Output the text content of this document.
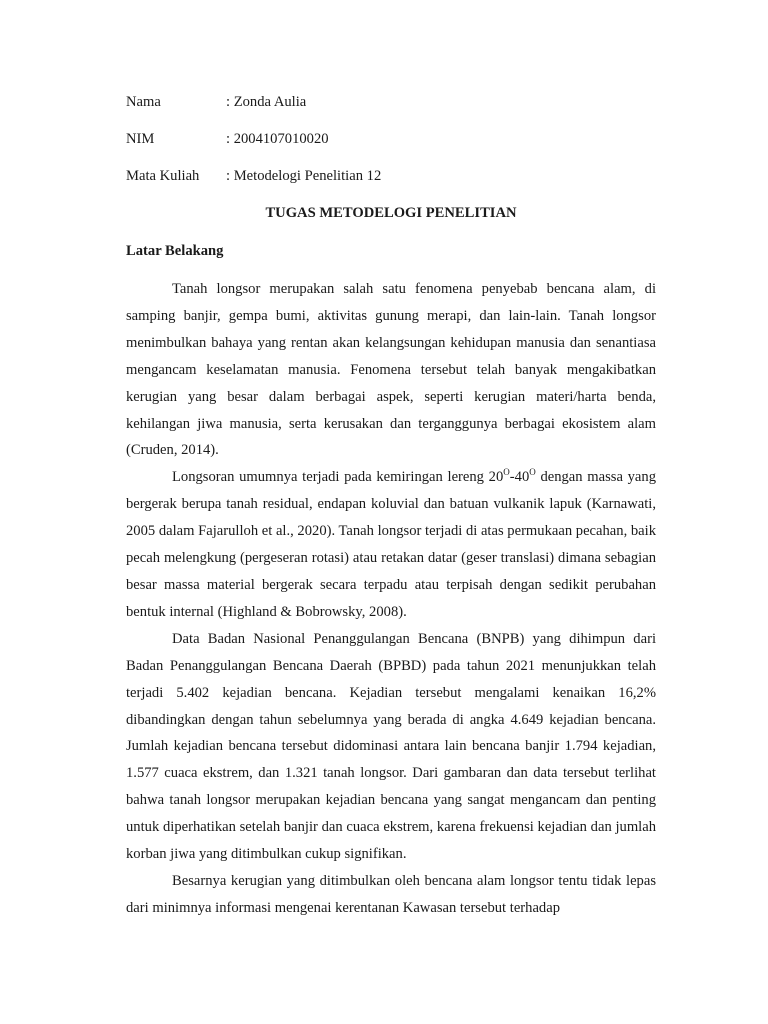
Nama	: Zonda Aulia
NIM	: 2004107010020
Mata Kuliah : Metodelogi Penelitian 12
TUGAS METODELOGI PENELITIAN
Latar Belakang

Tanah longsor merupakan salah satu fenomena penyebab bencana alam, di samping banjir, gempa bumi, aktivitas gunung merapi, dan lain-lain. Tanah longsor menimbulkan bahaya yang rentan akan kelangsungan kehidupan manusia dan senantiasa mengancam keselamatan manusia. Fenomena tersebut telah banyak mengakibatkan kerugian yang besar dalam berbagai aspek, seperti kerugian materi/harta benda, kehilangan jiwa manusia, serta kerusakan dan terganggunya berbagai ekosistem alam (Cruden, 2014).

Longsoran umumnya terjadi pada kemiringan lereng $20^O-40^O$ dengan massa yang bergerak berupa tanah residual, endapan koluvial dan batuan vulkanik lapuk (Karnawati, 2005 dalam Fajarulloh et al., 2020). Tanah longsor terjadi di atas permukaan pecahan, baik pecah melengkung (pergeseran rotasi) atau retakan datar (geser translasi) dimana sebagian besar massa material bergerak secara terpadu atau terpisah dengan sedikit perubahan bentuk internal (Highland & Bobrowsky, 2008).

Data Badan Nasional Penanggulangan Bencana (BNPB) yang dihimpun dari Badan Penanggulangan Bencana Daerah (BPBD) pada tahun 2021 menunjukkan telah terjadi 5.402 kejadian bencana. Kejadian tersebut mengalami kenaikan 16,2% dibandingkan dengan tahun sebelumnya yang berada di angka 4.649 kejadian bencana. Jumlah kejadian bencana tersebut didominasi antara lain bencana banjir 1.794 kejadian, 1.577 cuaca ekstrem, dan 1.321 tanah longsor. Dari gambaran dan data tersebut terlihat bahwa tanah longsor merupakan kejadian bencana yang sangat mengancam dan penting untuk diperhatikan setelah banjir dan cuaca ekstrem, karena frekuensi kejadian dan jumlah korban jiwa yang ditimbulkan cukup signifikan.

Besarnya kerugian yang ditimbulkan oleh bencana alam longsor tentu tidak lepas dari minimnya informasi mengenai kerentanan Kawasan tersebut terhadap
